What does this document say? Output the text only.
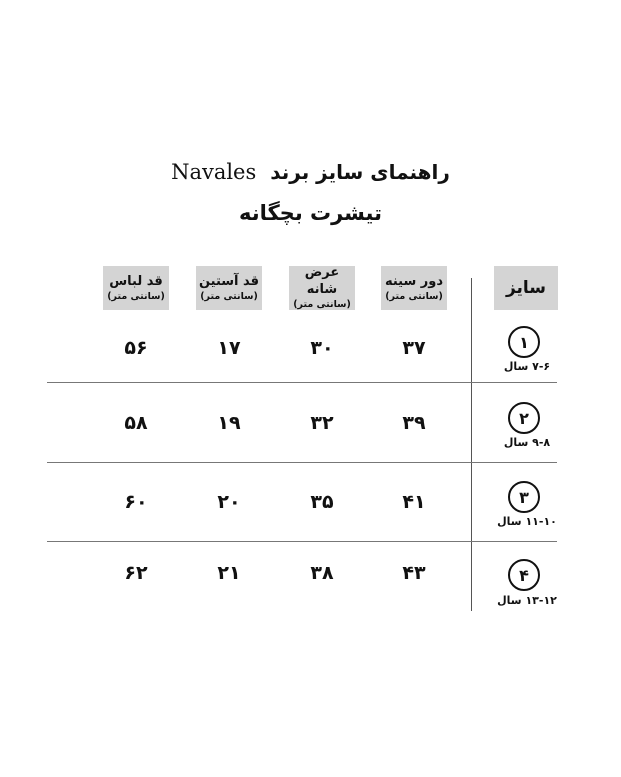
راهنمای سایز برند  Navales
تیشرت بچگانه
سایز
دور سینه
(سانتی متر)
عرض شانه
(سانتی متر)
قد آستین
(سانتی متر)
قد لباس
(سانتی متر)
۱
۷-۶ سال
۳۷
۳۰
۱۷
۵۶
۲
۹-۸ سال
۳۹
۳۲
۱۹
۵۸
۳
۱۱-۱۰ سال
۴۱
۳۵
۲۰
۶۰
۴
۱۳-۱۲ سال
۴۳
۳۸
۲۱
۶۲
